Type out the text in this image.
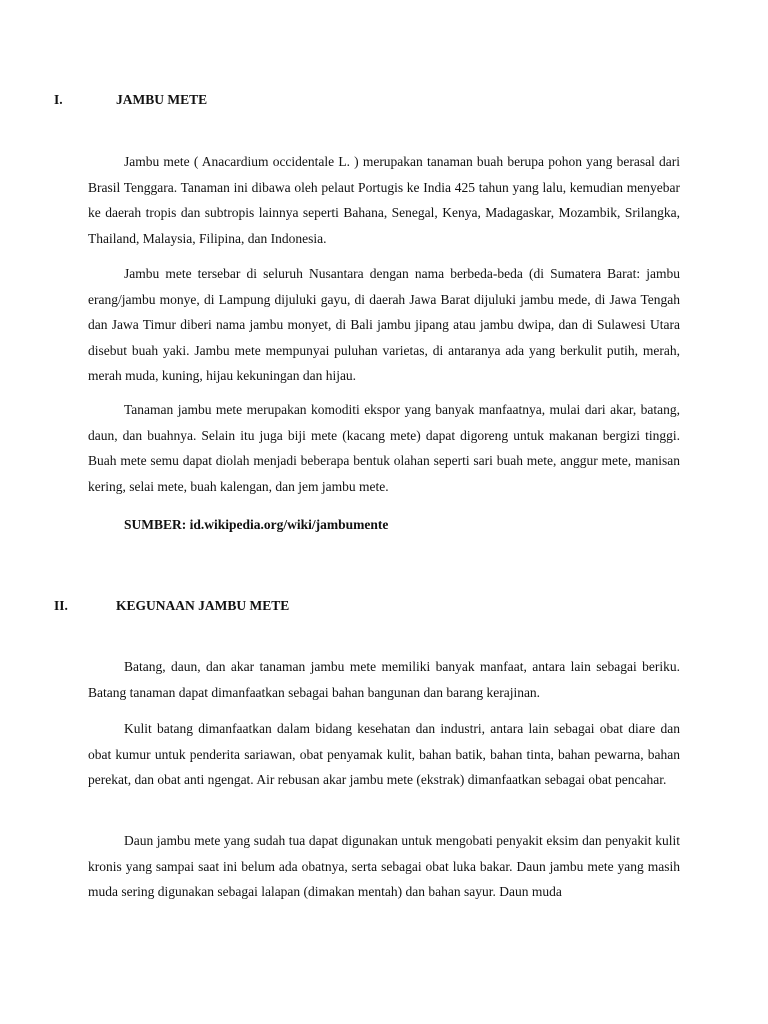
I.	JAMBU METE

Jambu mete ( Anacardium occidentale L. ) merupakan tanaman buah berupa pohon yang berasal dari Brasil Tenggara. Tanaman ini dibawa oleh pelaut Portugis ke India 425 tahun yang lalu, kemudian menyebar ke daerah tropis dan subtropis lainnya seperti Bahana, Senegal, Kenya, Madagaskar, Mozambik, Srilangka, Thailand, Malaysia, Filipina, dan Indonesia.

Jambu mete tersebar di seluruh Nusantara dengan nama berbeda-beda (di Sumatera Barat: jambu erang/jambu monye, di Lampung dijuluki gayu, di daerah Jawa Barat dijuluki jambu mede, di Jawa Tengah dan Jawa Timur diberi nama jambu monyet, di Bali jambu jipang atau jambu dwipa, dan di Sulawesi Utara disebut buah yaki. Jambu mete mempunyai puluhan varietas, di antaranya ada yang berkulit putih, merah, merah muda, kuning, hijau kekuningan dan hijau.

Tanaman jambu mete merupakan komoditi ekspor yang banyak manfaatnya, mulai dari akar, batang, daun, dan buahnya. Selain itu juga biji mete (kacang mete) dapat digoreng untuk makanan bergizi tinggi. Buah mete semu dapat diolah menjadi beberapa bentuk olahan seperti sari buah mete, anggur mete, manisan kering, selai mete, buah kalengan, dan jem jambu mete.

SUMBER: id.wikipedia.org/wiki/jambumente
II.	KEGUNAAN JAMBU METE

Batang, daun, dan akar tanaman jambu mete memiliki banyak manfaat, antara lain sebagai beriku. Batang tanaman dapat dimanfaatkan sebagai bahan bangunan dan barang kerajinan.

Kulit batang dimanfaatkan dalam bidang kesehatan dan industri, antara lain sebagai obat diare dan obat kumur untuk penderita sariawan, obat penyamak kulit, bahan batik, bahan tinta, bahan pewarna, bahan perekat, dan obat anti ngengat. Air rebusan akar jambu mete (ekstrak) dimanfaatkan sebagai obat pencahar.

Daun jambu mete yang sudah tua dapat digunakan untuk mengobati penyakit eksim dan penyakit kulit kronis yang sampai saat ini belum ada obatnya, serta sebagai obat luka bakar. Daun jambu mete yang masih muda sering digunakan sebagai lalapan (dimakan mentah) dan bahan sayur. Daun muda
